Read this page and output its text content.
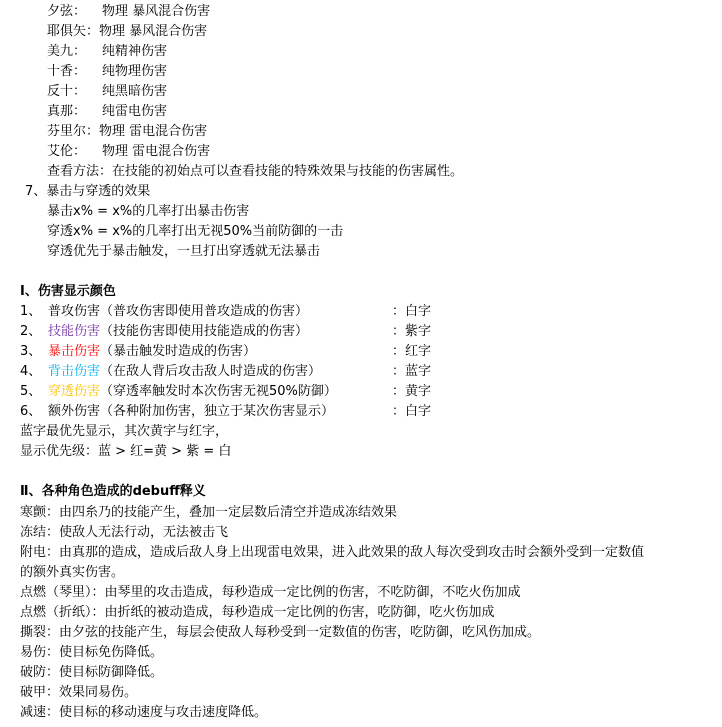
夕弦： 物理 暴风混合伤害
耶俱矢：物理 暴风混合伤害
美九： 纯精神伤害
十香： 纯物理伤害
反十： 纯黑暗伤害
真那： 纯雷电伤害
芬里尔：物理 雷电混合伤害
艾伦： 物理 雷电混合伤害
查看方法：在技能的初始点可以查看技能的特殊效果与技能的伤害属性。
7、暴击与穿透的效果
暴击x% = x%的几率打出暴击伤害
穿透x% = x%的几率打出无视50%当前防御的一击
穿透优先于暴击触发，一旦打出穿透就无法暴击
Ⅰ、伤害显示颜色
1、 普攻伤害（普攻伤害即使用普攻造成的伤害）	：白字
2、 技能伤害（技能伤害即使用技能造成的伤害）	：紫字
3、 暴击伤害（暴击触发时造成的伤害）	：红字
4、 背击伤害（在敌人背后攻击敌人时造成的伤害）	：蓝字
5、 穿透伤害（穿透率触发时本次伤害无视50%防御）	：黄字
6、 额外伤害（各种附加伤害，独立于某次伤害显示）	：白字
蓝字最优先显示，其次黄字与红字，
显示优先级：蓝 > 红=黄 > 紫 = 白
Ⅱ、各种角色造成的debuff释义
寒颤：由四糸乃的技能产生，叠加一定层数后清空并造成冻结效果
冻结：使敌人无法行动，无法被击飞
附电：由真那的造成，造成后敌人身上出现雷电效果，进入此效果的敌人每次受到攻击时会额外受到一定数值
的额外真实伤害。
点燃（琴里）：由琴里的攻击造成，每秒造成一定比例的伤害，不吃防御，不吃火伤加成
点燃（折纸）：由折纸的被动造成，每秒造成一定比例的伤害，吃防御，吃火伤加成
撕裂：由夕弦的技能产生，每层会使敌人每秒受到一定数值的伤害，吃防御，吃风伤加成。
易伤：使目标免伤降低。
破防：使目标防御降低。
破甲：效果同易伤。
减速：使目标的移动速度与攻击速度降低。
